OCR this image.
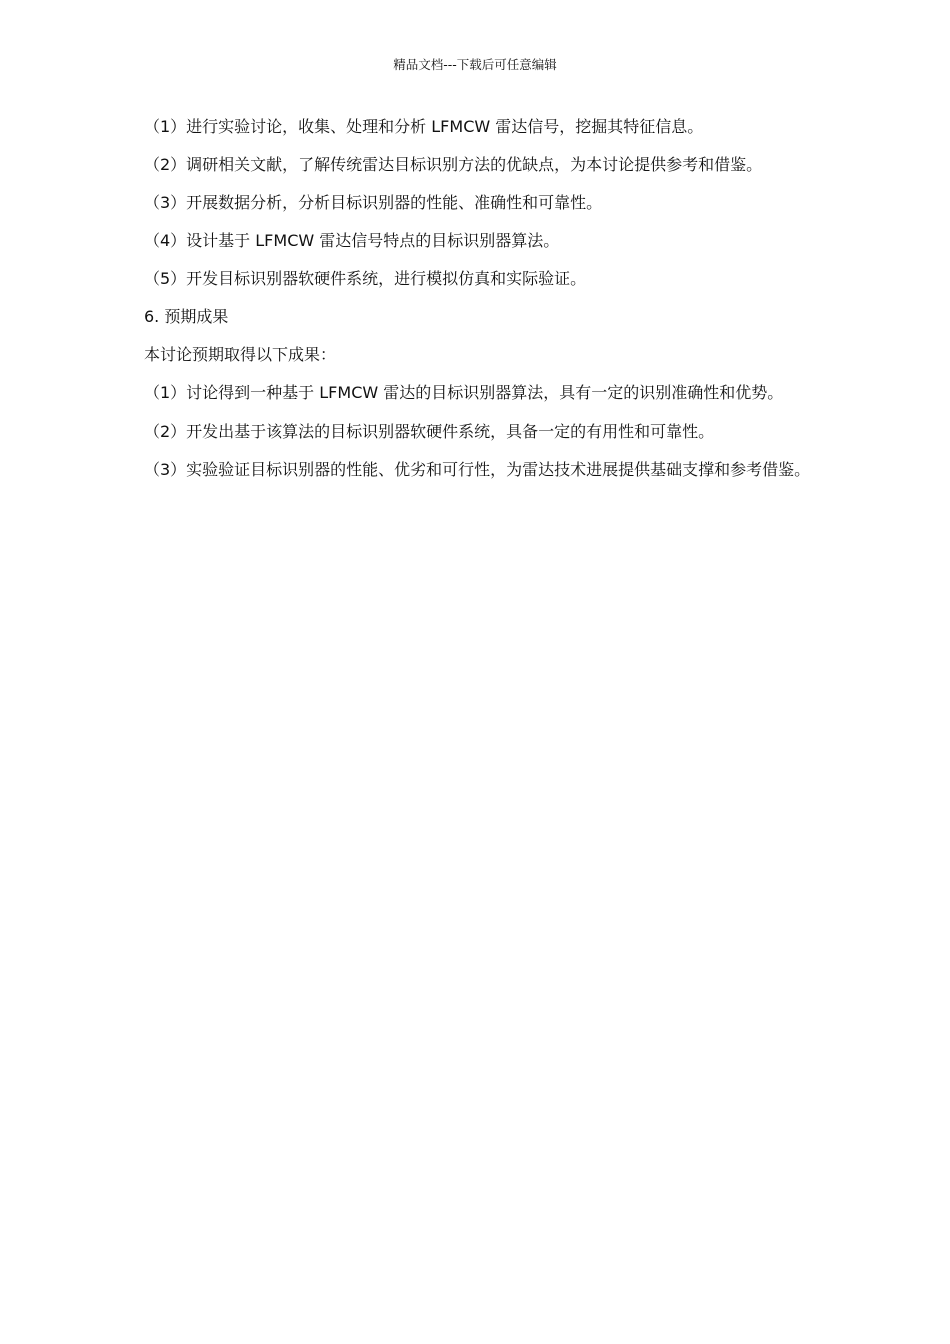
精品文档---下载后可任意编辑

（1）进行实验讨论，收集、处理和分析 LFMCW 雷达信号，挖掘其特征信息。

（2）调研相关文献，了解传统雷达目标识别方法的优缺点，为本讨论提供参考和借鉴。

（3）开展数据分析，分析目标识别器的性能、准确性和可靠性。

（4）设计基于 LFMCW 雷达信号特点的目标识别器算法。

（5）开发目标识别器软硬件系统，进行模拟仿真和实际验证。

6. 预期成果

本讨论预期取得以下成果：

（1）讨论得到一种基于 LFMCW 雷达的目标识别器算法，具有一定的识别准确性和优势。

（2）开发出基于该算法的目标识别器软硬件系统，具备一定的有用性和可靠性。

（3）实验验证目标识别器的性能、优劣和可行性，为雷达技术进展提供基础支撑和参考借鉴。
